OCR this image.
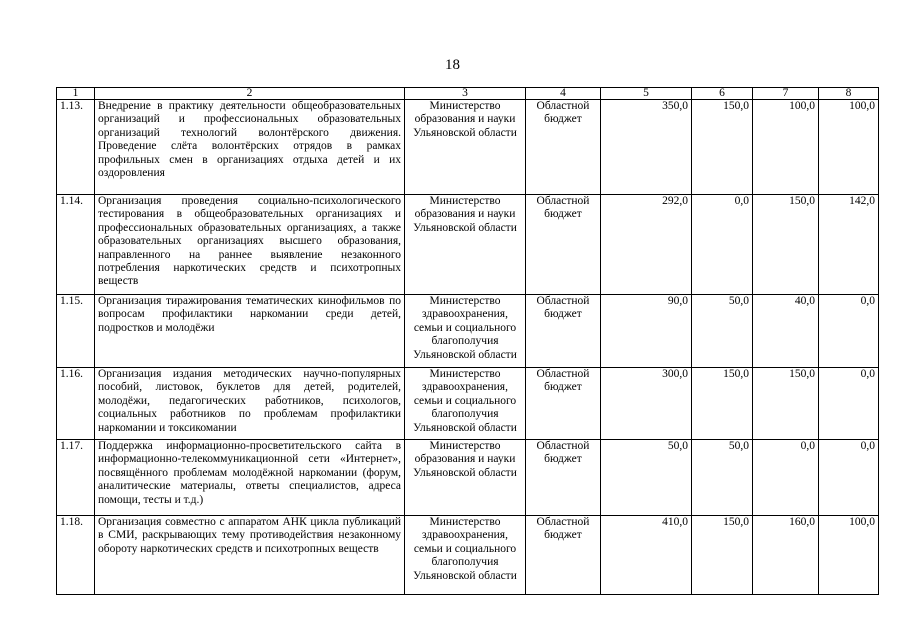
18
1	2	3	4	5	6	7	8
1.13.	Внедрение в практику деятельности общеобразовательных организаций и профессиональных образовательных организаций технологий волонтёрского движения. Проведение слёта волонтёрских отрядов в рамках профильных смен в организациях отдыха детей и их оздоровления	Министерство образования и науки Ульяновской области	Областной бюджет	350,0	150,0	100,0	100,0
1.14.	Организация проведения социально-психологического тестирования в общеобразовательных организациях и профессиональных образовательных организациях, а также образовательных организациях высшего образования, направленного на раннее выявление незаконного потребления наркотических средств и психотропных веществ	Министерство образования и науки Ульяновской области	Областной бюджет	292,0	0,0	150,0	142,0
1.15.	Организация тиражирования тематических кинофильмов по вопросам профилактики наркомании среди детей, подростков и молодёжи	Министерство здравоохранения, семьи и социального благополучия Ульяновской области	Областной бюджет	90,0	50,0	40,0	0,0
1.16.	Организация издания методических научно-популярных пособий, листовок, буклетов для детей, родителей, молодёжи, педагогических работников, психологов, социальных работников по проблемам профилактики наркомании и токсикомании	Министерство здравоохранения, семьи и социального благополучия Ульяновской области	Областной бюджет	300,0	150,0	150,0	0,0
1.17.	Поддержка информационно-просветительского сайта в информационно-телекоммуникационной сети «Интернет», посвящённого проблемам молодёжной наркомании (форум, аналитические материалы, ответы специалистов, адреса помощи, тесты и т.д.)	Министерство образования и науки Ульяновской области	Областной бюджет	50,0	50,0	0,0	0,0
1.18.	Организация совместно с аппаратом АНК цикла публикаций в СМИ, раскрывающих тему противодействия незаконному обороту наркотических средств и психотропных веществ	Министерство здравоохранения, семьи и социального благополучия Ульяновской области	Областной бюджет	410,0	150,0	160,0	100,0
